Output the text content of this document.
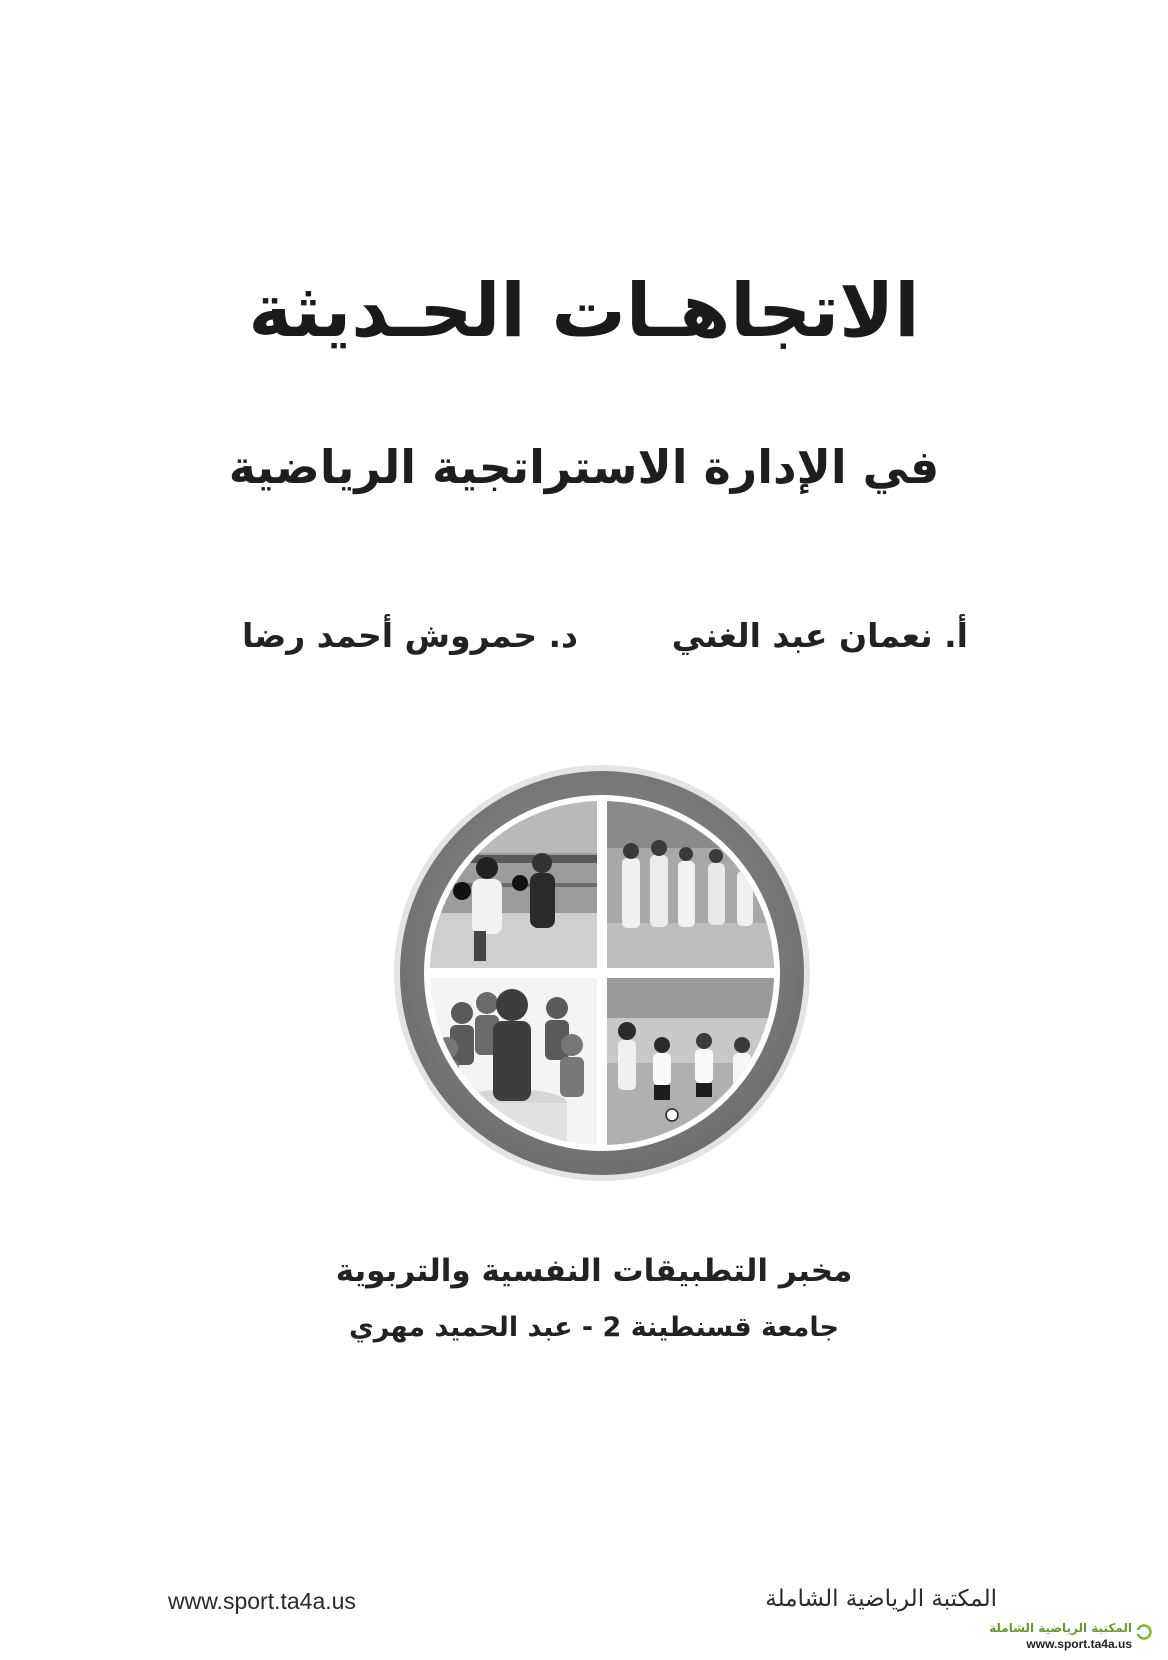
الاتجاهـات الحـديثة
في الإدارة الاستراتجية الرياضية
أ. نعمان عبد الغني
د. حمروش أحمد رضا
مخبر التطبيقات النفسية والتربوية
جامعة قسنطينة 2 - عبد الحميد مهري
www.sport.ta4a.us	المكتبة الرياضية الشاملة
المكتبة الرياضية الشاملة
www.sport.ta4a.us
